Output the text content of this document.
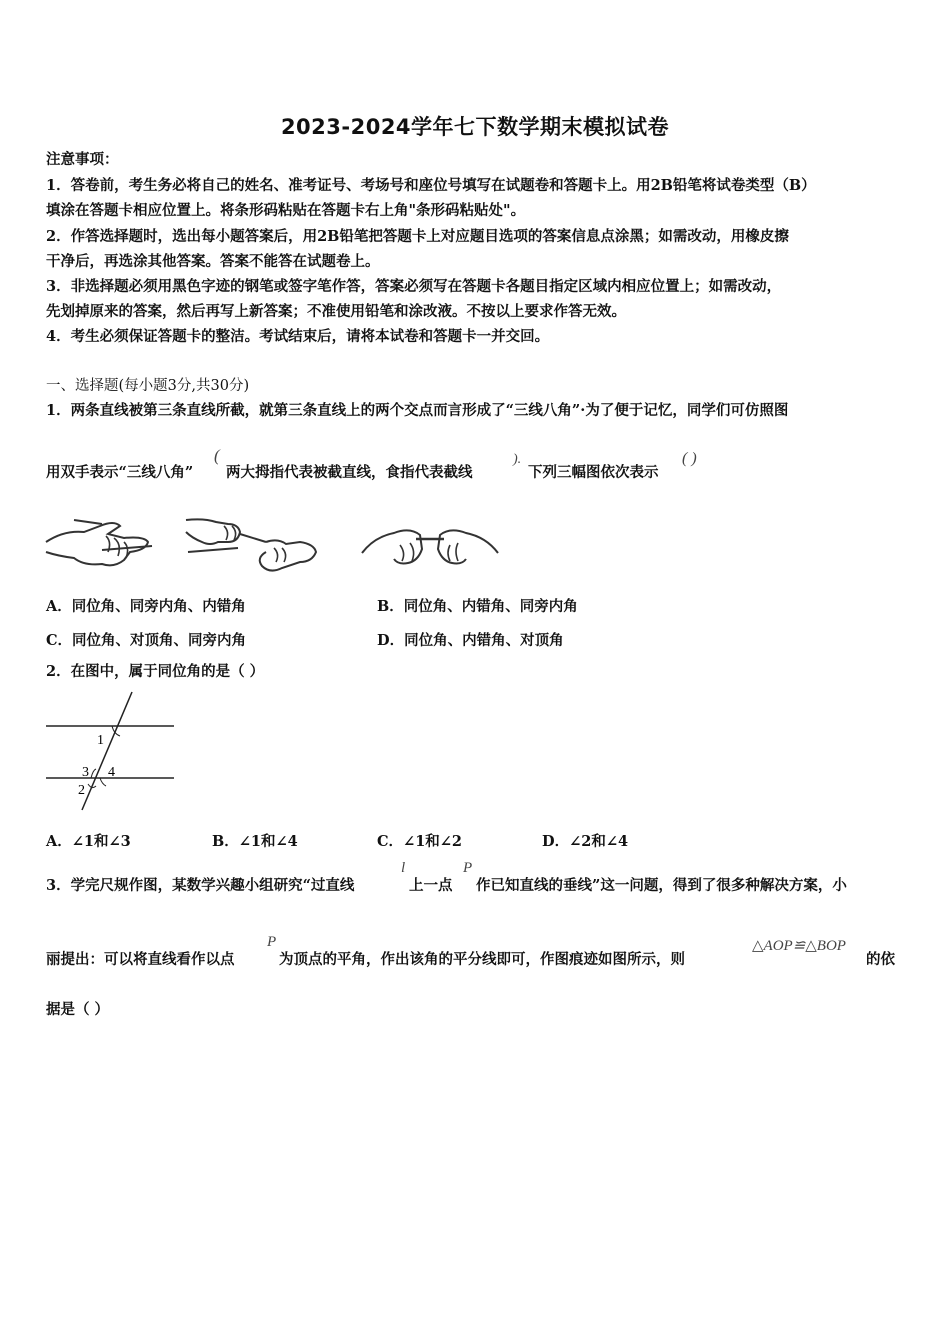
2023-2024学年七下数学期末模拟试卷
注意事项：
1．答卷前，考生务必将自己的姓名、准考证号、考场号和座位号填写在试题卷和答题卡上。用2B铅笔将试卷类型（B）
填涂在答题卡相应位置上。将条形码粘贴在答题卡右上角"条形码粘贴处"。
2．作答选择题时，选出每小题答案后，用2B铅笔把答题卡上对应题目选项的答案信息点涂黑；如需改动，用橡皮擦
干净后，再选涂其他答案。答案不能答在试题卷上。
3．非选择题必须用黑色字迹的钢笔或签字笔作答，答案必须写在答题卡各题目指定区域内相应位置上；如需改动，
先划掉原来的答案，然后再写上新答案；不准使用铅笔和涂改液。不按以上要求作答无效。
4．考生必须保证答题卡的整洁。考试结束后，请将本试卷和答题卡一并交回。
一、选择题(每小题3分,共30分)
1．两条直线被第三条直线所截，就第三条直线上的两个交点而言形成了“三线八角”·为了便于记忆，同学们可仿照图
用双手表示“三线八角”
(
两大拇指代表被截直线，食指代表截线
).
下列三幅图依次表示
( )
A．同位角、同旁内角、内错角	B．同位角、内错角、同旁内角
C．同位角、对顶角、同旁内角	D．同位角、内错角、对顶角
2．在图中，属于同位角的是（ ）
1
3 4
2
A．∠1和∠3	B．∠1和∠4	C．∠1和∠2	D．∠2和∠4
3．学完尺规作图，某数学兴趣小组研究“过直线
l
上一点
P
作已知直线的垂线”这一问题，得到了很多种解决方案，小
丽提出：可以将直线看作以点
P
为顶点的平角，作出该角的平分线即可，作图痕迹如图所示，则
△AOP≌△BOP
的依
据是（ ）
